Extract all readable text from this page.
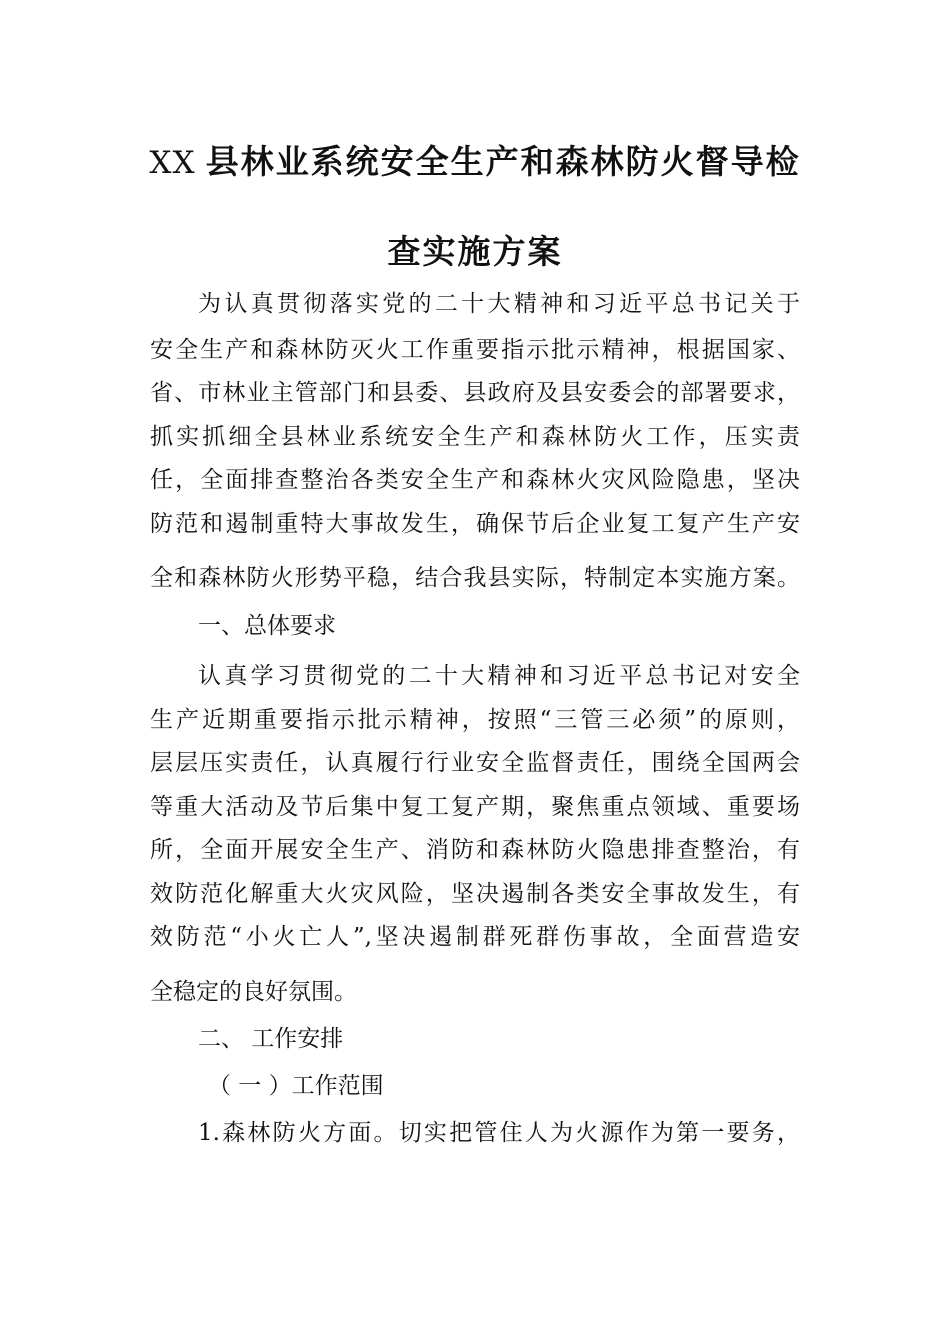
XX 县林业系统安全生产和森林防火督导检
查实施方案
为认真贯彻落实党的二十大精神和习近平总书记关于
安全生产和森林防灭火工作重要指示批示精神，根据国家、
省、市林业主管部门和县委、县政府及县安委会的部署要求，
抓实抓细全县林业系统安全生产和森林防火工作，压实责
任，全面排查整治各类安全生产和森林火灾风险隐患，坚决
防范和遏制重特大事故发生，确保节后企业复工复产生产安
全和森林防火形势平稳，结合我县实际，特制定本实施方案。
一、总体要求
认真学习贯彻党的二十大精神和习近平总书记对安全
生产近期重要指示批示精神，按照“三管三必须”的原则，
层层压实责任，认真履行行业安全监督责任，围绕全国两会
等重大活动及节后集中复工复产期，聚焦重点领域、重要场
所，全面开展安全生产、消防和森林防火隐患排查整治，有
效防范化解重大火灾风险，坚决遏制各类安全事故发生，有
效防范“小火亡人”,坚决遏制群死群伤事故，全面营造安
全稳定的良好氛围。
二、 工作安排
（ 一 ）工作范围
1.森林防火方面。切实把管住人为火源作为第一要务，
